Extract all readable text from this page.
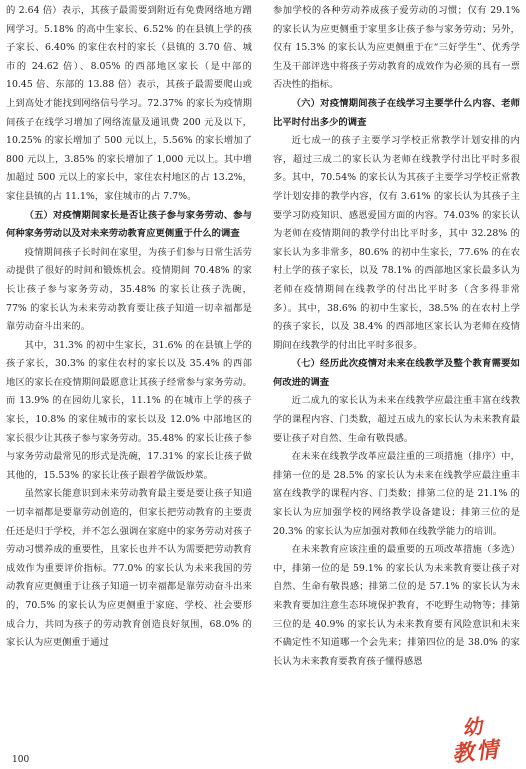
的 2.64 倍）表示，其孩子最需要到附近有免费网络地方蹭网学习。5.18% 的高中生家长、6.52% 的在县镇上学的孩子家长、6.40% 的家住农村的家长（县镇的 3.70 倍、城市的 24.62 倍）、8.05% 的西部地区家长（是中部的 10.45 倍、东部的 13.88 倍）表示，其孩子最需要爬山或上到高处才能找到网络信号学习。72.37% 的家长为疫情期间孩子在线学习增加了网络流量及通讯费 200 元及以下，10.25% 的家长增加了 500 元以上，5.56% 的家长增加了 800 元以上，3.85% 的家长增加了 1,000 元以上。其中增加超过 500 元以上的家长中，家住农村地区的占 13.2%，家住县镇的占 11.1%，家住城市的占 7.7%。

（五）对疫情期间家长是否让孩子参与家务劳动、参与何种家务劳动以及对未来劳动教育应更侧重于什么的调查

疫情期间孩子长时间在家里，为孩子们参与日常生活劳动提供了很好的时间和锻炼机会。疫情期间 70.48% 的家长让孩子参与家务劳动，35.48% 的家长让孩子洗碗，77% 的家长认为未来劳动教育要让孩子知道一切幸福都是靠劳动奋斗出来的。

其中，31.3% 的初中生家长，31.6% 的在县镇上学的孩子家长，30.3% 的家住农村的家长以及 35.4% 的西部地区的家长在疫情期间最愿意让其孩子经常参与家务劳动。而 13.9% 的在园幼儿家长，11.1% 的在城市上学的孩子家长，10.8% 的家住城市的家长以及 12.0% 中部地区的家长很少让其孩子参与家务劳动。35.48% 的家长让孩子参与家务劳动最常见的形式是洗碗，17.31% 的家长让孩子做其他的，15.53% 的家长让孩子跟着学做饭炒菜。

虽然家长能意识到未来劳动教育最主要是要让孩子知道一切幸福都是要靠劳动创造的，但家长把劳动教育的主要责任还是归于学校，并不怎么强调在家庭中的家务劳动对孩子劳动习惯养成的重要性，且家长也并不认为需要把劳动教育成效作为重要评价指标。77.0% 的家长认为未来我国的劳动教育应更侧重于让孩子知道一切幸福都是靠劳动奋斗出来的，70.5% 的家长认为应更侧重于家庭、学校、社会要形成合力，共同为孩子的劳动教育创造良好氛围，68.0% 的家长认为应更侧重于通过

参加学校的各种劳动养成孩子爱劳动的习惯；仅有 29.1% 的家长认为应更侧重于家里多让孩子参与家务劳动；另外，仅有 15.3% 的家长认为应更侧重于在“三好学生”、优秀学生及干部评选中将孩子劳动教育的成效作为必须的具有一票否决性的指标。

（六）对疫情期间孩子在线学习主要学什么内容、老师比平时付出多少的调查

近七成一的孩子主要学习学校正常教学计划安排的内容，超过三成二的家长认为老师在线教学付出比平时多很多。其中，70.54% 的家长认为其孩子主要学习学校正常教学计划安排的教学内容，仅有 3.61% 的家长认为其孩子主要学习防疫知识、感恩爱国方面的内容。74.03% 的家长认为老师在疫情期间的教学付出比平时多，其中 32.28% 的家长认为多非常多，80.6% 的初中生家长，77.6% 的在农村上学的孩子家长，以及 78.1% 的西部地区家长最多认为老师在疫情期间在线教学的付出比平时多（含多得非常多）。其中，38.6% 的初中生家长，38.5% 的在农村上学的孩子家长，以及 38.4% 的西部地区家长认为老师在疫情期间在线教学的付出比平时多很多。

（七）经历此次疫情对未来在线教学及整个教育需要如何改进的调查

近二成九的家长认为未来在线教学应最注重丰富在线教学的课程内容、门类数，超过五成九的家长认为未来教育最要让孩子对自然、生命有敬畏感。

在未来在线教学改革应最注重的三项措施（排序）中，排第一位的是 28.5% 的家长认为未来在线教学应最注重丰富在线教学的课程内容、门类数；排第二位的是 21.1% 的家长认为应加强学校的网络教学设备建设；排第三位的是 20.3% 的家长认为应加强对教师在线教学能力的培训。

在未来教育应该注重的最重要的五项改革措施（多选）中，排第一位的是 59.1% 的家长认为未来教育要让孩子对自然、生命有敬畏感；排第二位的是 57.1% 的家长认为未来教育要加注意生态环境保护教育，不吃野生动物等；排第三位的是 40.9% 的家长认为未来教育要有风险意识和未来不确定性不知道哪一个会先来；排第四位的是 38.0% 的家长认为未来教育要教育孩子懂得感恩

100
幼
教情
